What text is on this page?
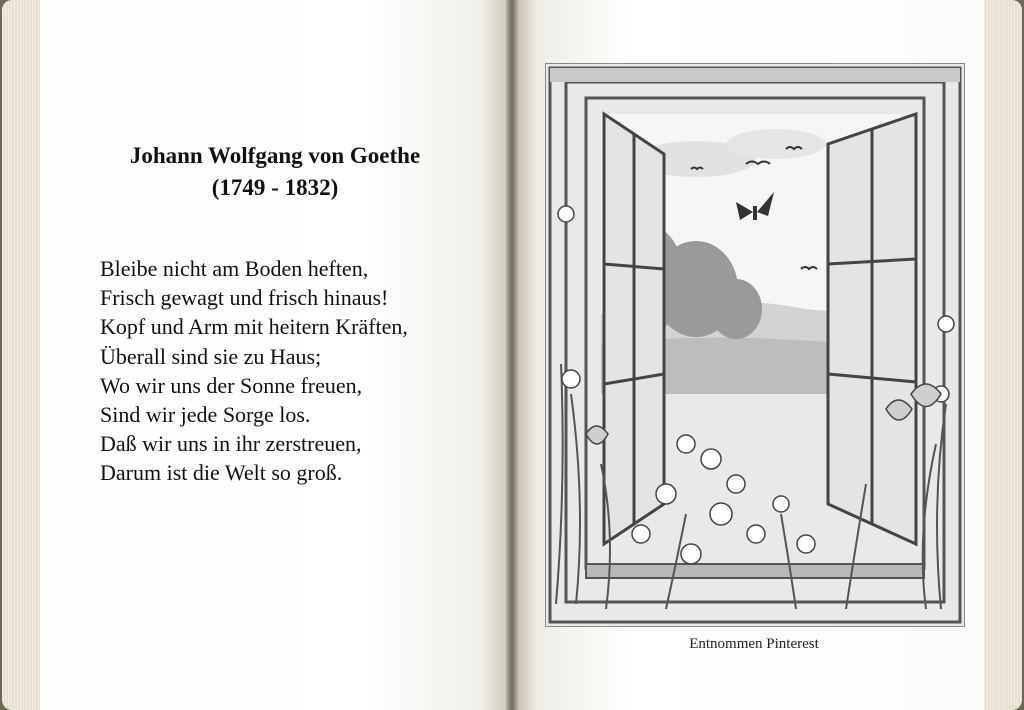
Johann Wolfgang von Goethe
(1749 - 1832)
Bleibe nicht am Boden heften,
Frisch gewagt und frisch hinaus!
Kopf und Arm mit heitern Kräften,
Überall sind sie zu Haus;
Wo wir uns der Sonne freuen,
Sind wir jede Sorge los.
Daß wir uns in ihr zerstreuen,
Darum ist die Welt so groß.
Entnommen Pinterest
